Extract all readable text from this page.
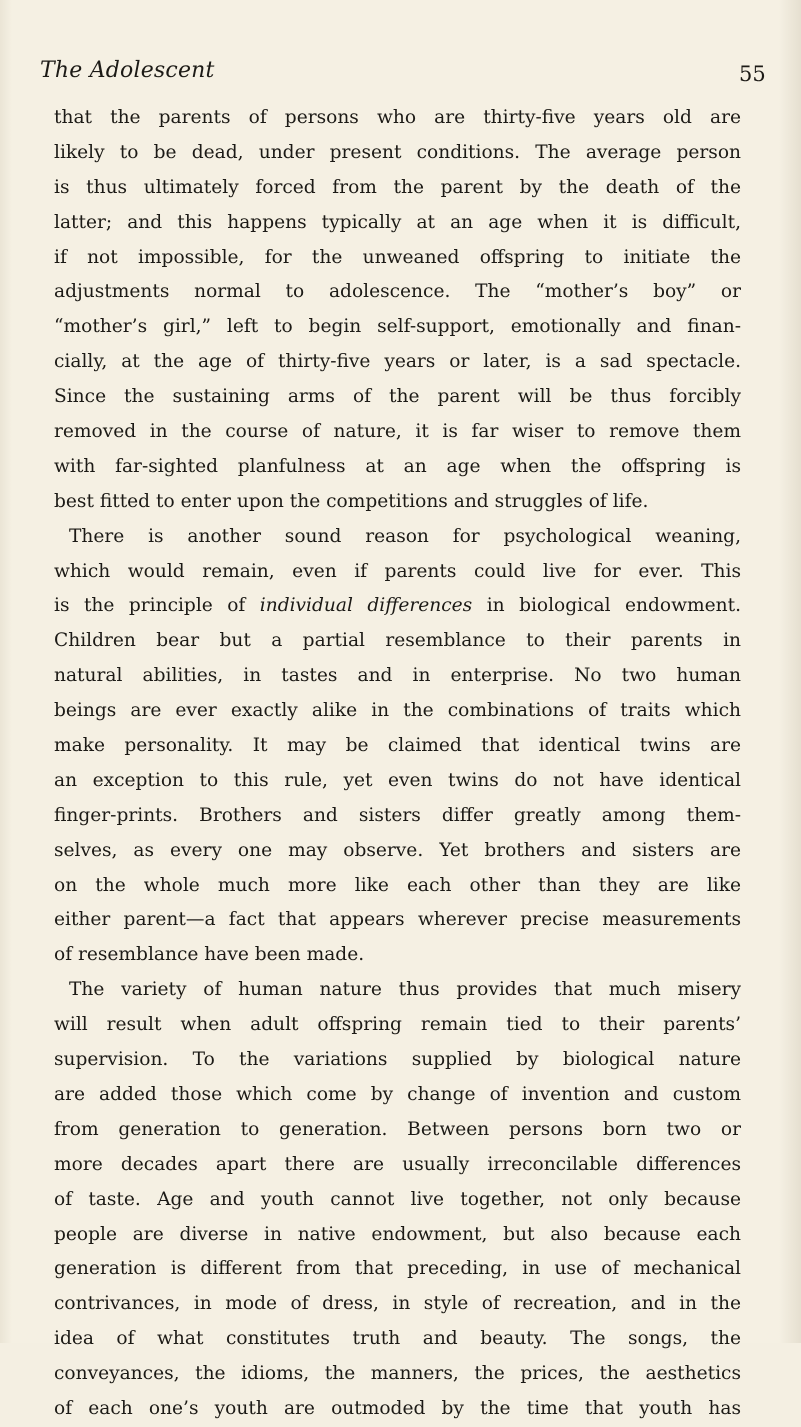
The Adolescent	55
that the parents of persons who are thirty-five years old are
likely to be dead, under present conditions. The average person
is thus ultimately forced from the parent by the death of the
latter; and this happens typically at an age when it is difficult,
if not impossible, for the unweaned offspring to initiate the
adjustments normal to adolescence. The “mother’s boy” or
“mother’s girl,” left to begin self-support, emotionally and finan-
cially, at the age of thirty-five years or later, is a sad spectacle.
Since the sustaining arms of the parent will be thus forcibly
removed in the course of nature, it is far wiser to remove them
with far-sighted planfulness at an age when the offspring is
best fitted to enter upon the competitions and struggles of life.
There is another sound reason for psychological weaning,
which would remain, even if parents could live for ever. This
is the principle of individual differences in biological endowment.
Children bear but a partial resemblance to their parents in
natural abilities, in tastes and in enterprise. No two human
beings are ever exactly alike in the combinations of traits which
make personality. It may be claimed that identical twins are
an exception to this rule, yet even twins do not have identical
finger-prints. Brothers and sisters differ greatly among them-
selves, as every one may observe. Yet brothers and sisters are
on the whole much more like each other than they are like
either parent—a fact that appears wherever precise measurements
of resemblance have been made.
The variety of human nature thus provides that much misery
will result when adult offspring remain tied to their parents’
supervision. To the variations supplied by biological nature
are added those which come by change of invention and custom
from generation to generation. Between persons born two or
more decades apart there are usually irreconcilable differences
of taste. Age and youth cannot live together, not only because
people are diverse in native endowment, but also because each
generation is different from that preceding, in use of mechanical
contrivances, in mode of dress, in style of recreation, and in the
idea of what constitutes truth and beauty. The songs, the
conveyances, the idioms, the manners, the prices, the aesthetics
of each one’s youth are outmoded by the time that youth has
